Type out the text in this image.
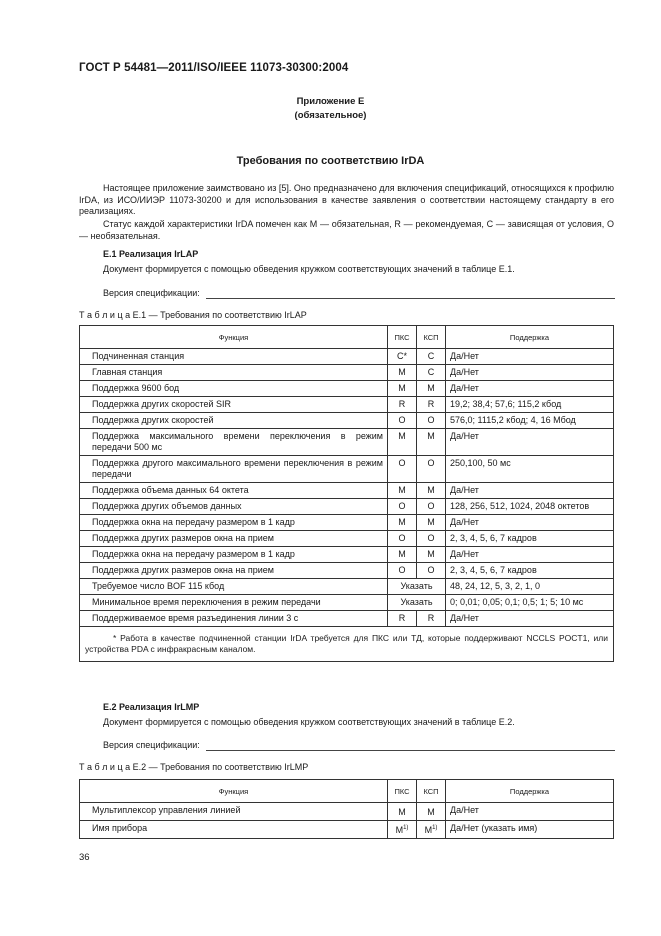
ГОСТ Р 54481—2011/ISO/IEEE 11073-30300:2004
Приложение Е
(обязательное)
Требования по соответствию IrDA

Настоящее приложение заимствовано из [5]. Оно предназначено для включения спецификаций, относящихся к профилю IrDA, из ИСО/ИИЭР 11073-30200 и для использования в качестве заявления о соответствии настоящему стандарту в его реализациях.

Статус каждой характеристики IrDA помечен как М — обязательная, R — рекомендуемая, С — зависящая от условия, О — необязательная.

Е.1 Реализация IrLAP
Документ формируется с помощью обведения кружком соответствующих значений в таблице Е.1.
Версия спецификации:
Т а б л и ц а Е.1 — Требования по соответствию IrLAP
Функция	ПКС	КСП	Поддержка
Подчиненная станция	С*	С	Да/Нет
Главная станция	М	С	Да/Нет
Поддержка 9600 бод	М	М	Да/Нет
Поддержка других скоростей SIR	R	R	19,2; 38,4; 57,6; 115,2 кбод
Поддержка других скоростей	О	О	576,0; 1115,2 кбод; 4, 16 Мбод
Поддержка максимального времени переключения в режим передачи 500 мс	М	М	Да/Нет
Поддержка другого максимального времени переключения в режим передачи	О	О	250,100, 50 мс
Поддержка объема данных 64 октета	М	М	Да/Нет
Поддержка других объемов данных	О	О	128, 256, 512, 1024, 2048 октетов
Поддержка окна на передачу размером в 1 кадр	М	М	Да/Нет
Поддержка других размеров окна на прием	О	О	2, 3, 4, 5, 6, 7 кадров
Поддержка окна на передачу размером в 1 кадр	М	М	Да/Нет
Поддержка других размеров окна на прием	О	О	2, 3, 4, 5, 6, 7 кадров
Требуемое число BOF 115 кбод	Указать		48, 24, 12, 5, 3, 2, 1, 0
Минимальное время переключения в режим передачи	Указать		0; 0,01; 0,05; 0,1; 0,5; 1; 5; 10 мс
Поддерживаемое время разъединения линии 3 с	R	R	Да/Нет
* Работа в качестве подчиненной станции IrDA требуется для ПКС или ТД, которые поддерживают NCCLS POCT1, или устройства PDA с инфракрасным каналом.			
Е.2 Реализация IrLMP
Документ формируется с помощью обведения кружком соответствующих значений в таблице Е.2.
Версия спецификации:
Т а б л и ц а Е.2 — Требования по соответствию IrLMP
Функция	ПКС	КСП	Поддержка
Мультиплексор управления линией	М	М	Да/Нет
Имя прибора	$М^{1)}$	$М^{1)}$	Да/Нет (указать имя)
36
